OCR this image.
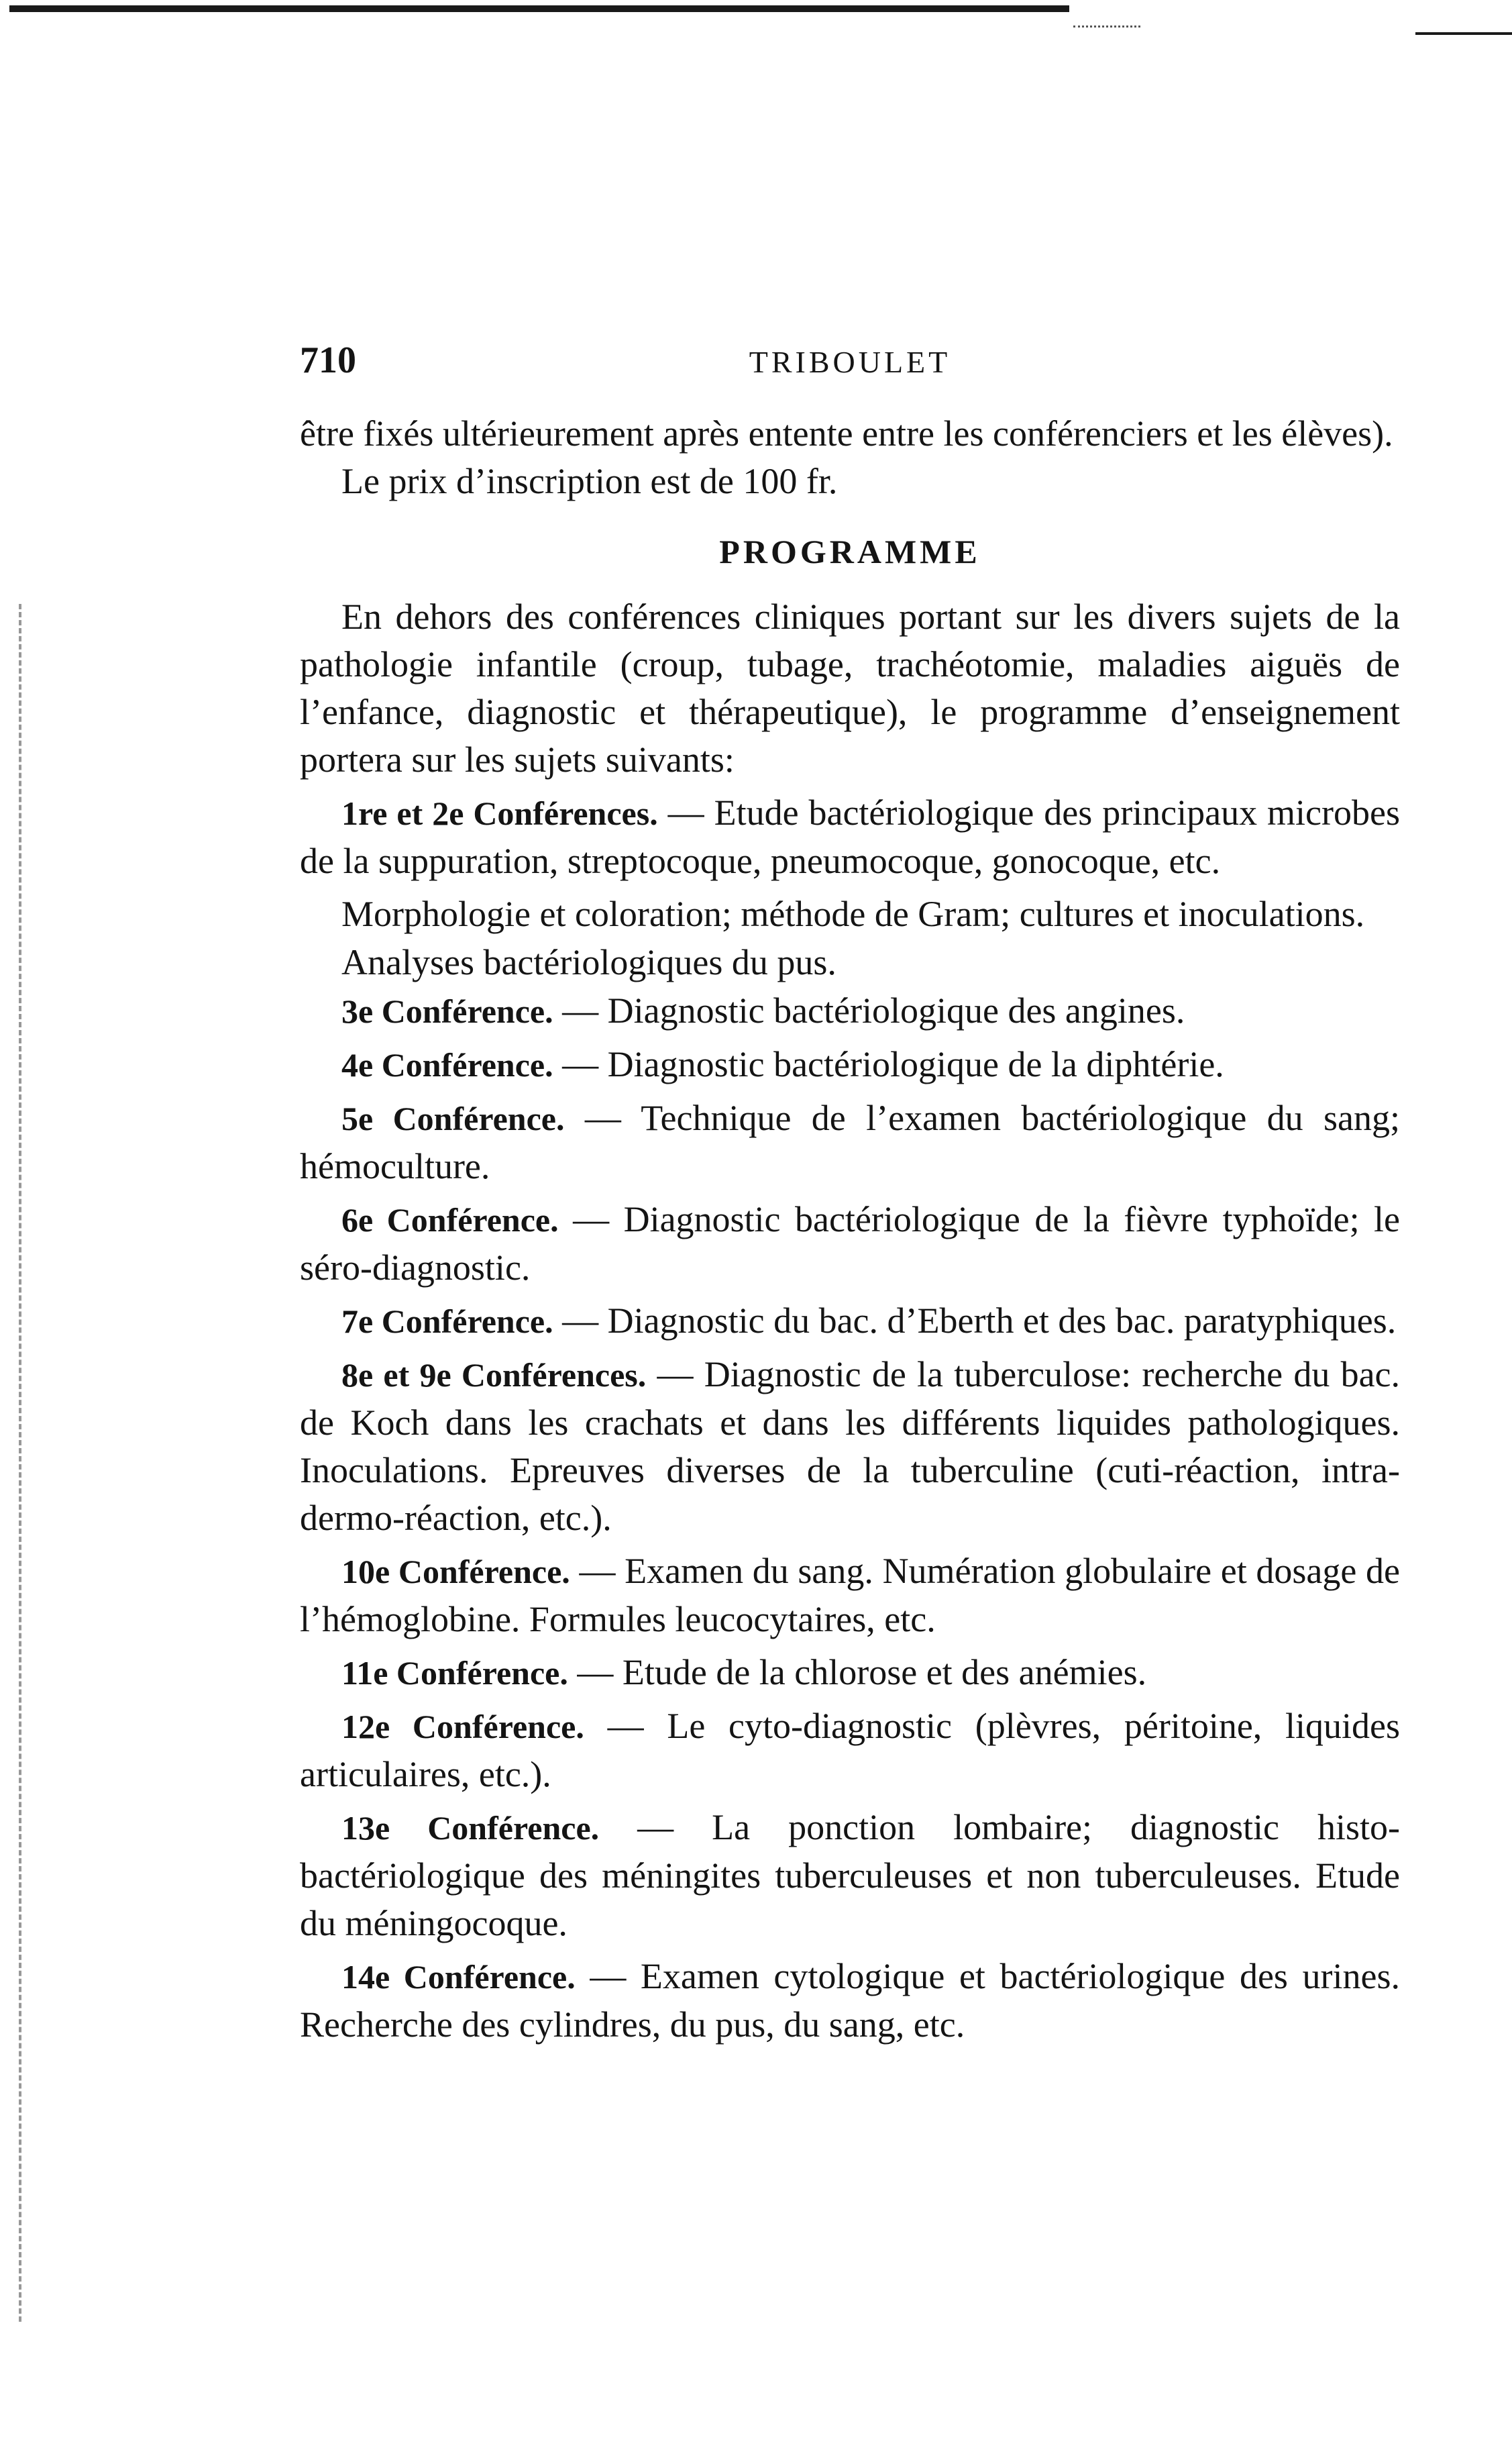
710	TRIBOULET

être fixés ultérieurement après entente entre les conférenciers et les élèves).

Le prix d’inscription est de 100 fr.

PROGRAMME

En dehors des conférences cliniques portant sur les divers sujets de la pathologie infantile (croup, tubage, trachéotomie, maladies aiguës de l’enfance, diagnostic et thérapeutique), le programme d’enseignement portera sur les sujets suivants:

1re et 2e Conférences. — Etude bactériologique des principaux microbes de la suppuration, streptocoque, pneumocoque, gonocoque, etc.

Morphologie et coloration; méthode de Gram; cultures et inoculations.

Analyses bactériologiques du pus.

3e Conférence. — Diagnostic bactériologique des angines.

4e Conférence. — Diagnostic bactériologique de la diphtérie.

5e Conférence. — Technique de l’examen bactériologique du sang; hémoculture.

6e Conférence. — Diagnostic bactériologique de la fièvre typhoïde; le séro-diagnostic.

7e Conférence. — Diagnostic du bac. d’Eberth et des bac. paratyphiques.

8e et 9e Conférences. — Diagnostic de la tuberculose: recherche du bac. de Koch dans les crachats et dans les différents liquides pathologiques. Inoculations. Epreuves diverses de la tuberculine (cuti-réaction, intra-dermo-réaction, etc.).

10e Conférence. — Examen du sang. Numération globulaire et dosage de l’hémoglobine. Formules leucocytaires, etc.

11e Conférence. — Etude de la chlorose et des anémies.

12e Conférence. — Le cyto-diagnostic (plèvres, péritoine, liquides articulaires, etc.).

13e Conférence. — La ponction lombaire; diagnostic histo-bactériologique des méningites tuberculeuses et non tuberculeuses. Etude du méningocoque.

14e Conférence. — Examen cytologique et bactériologique des urines. Recherche des cylindres, du pus, du sang, etc.
